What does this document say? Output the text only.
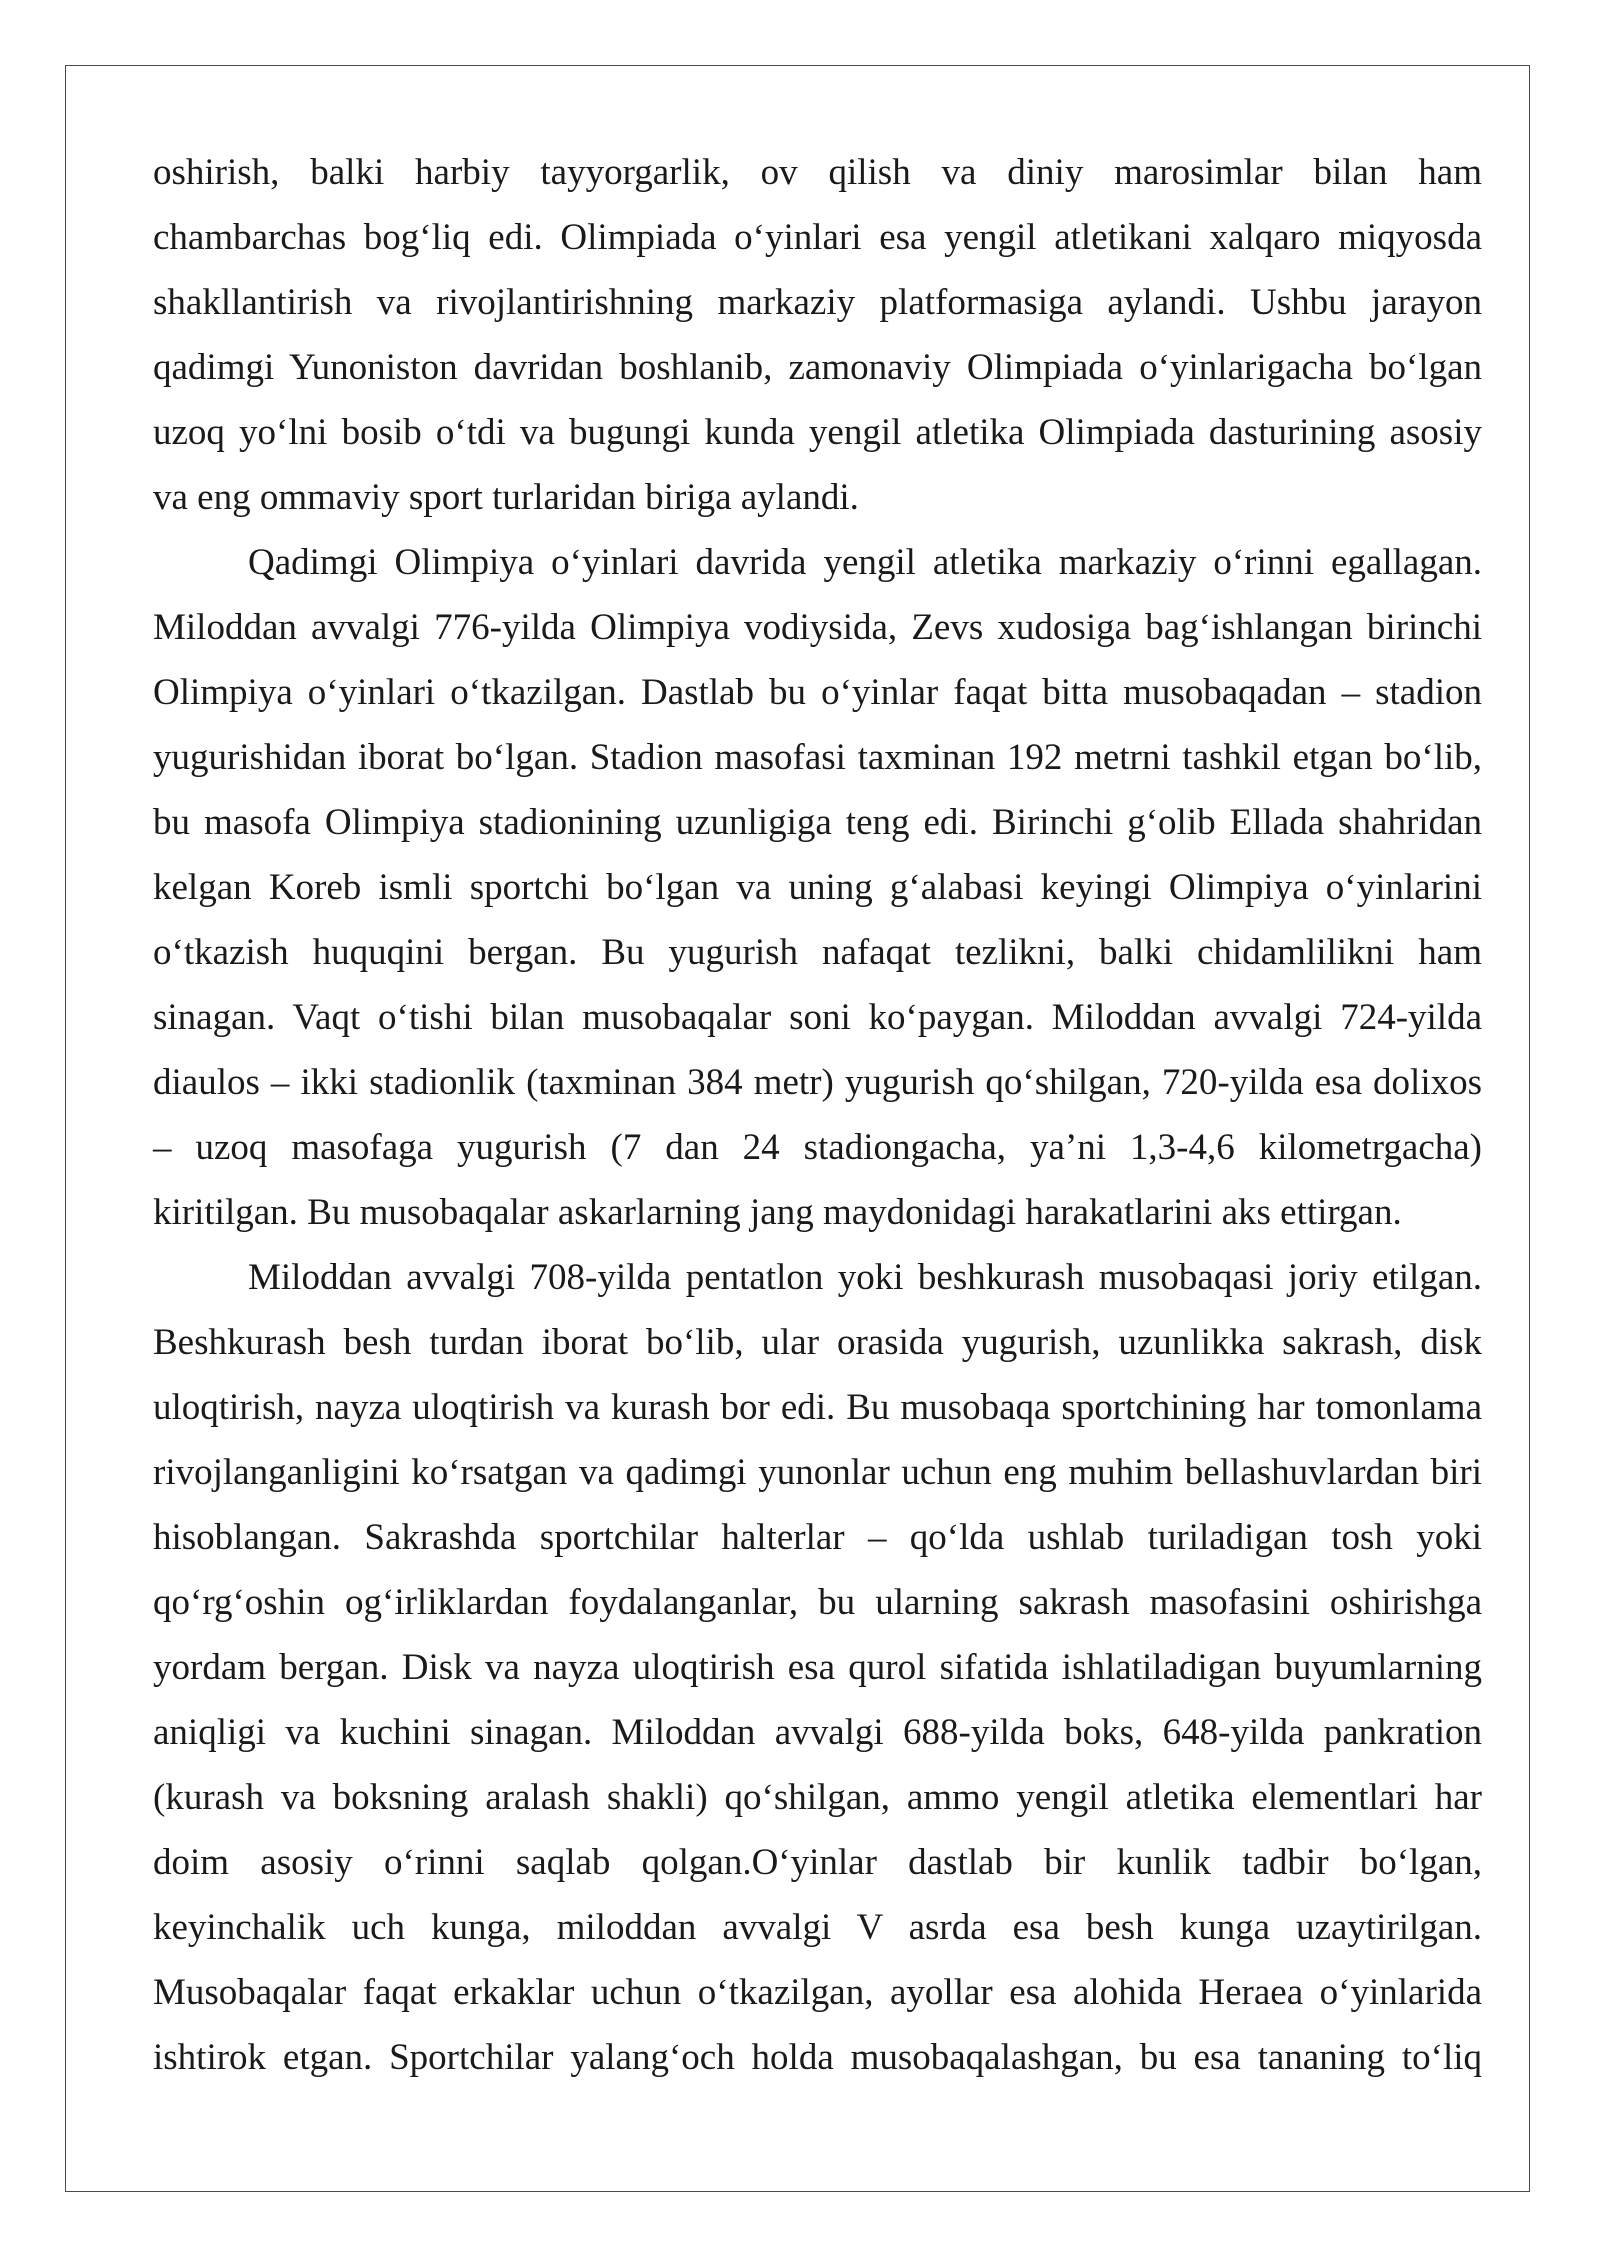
oshirish, balki harbiy tayyorgarlik, ov qilish va diniy marosimlar bilan ham
chambarchas bog‘liq edi. Olimpiada o‘yinlari esa yengil atletikani xalqaro miqyosda
shakllantirish va rivojlantirishning markaziy platformasiga aylandi. Ushbu jarayon
qadimgi Yunoniston davridan boshlanib, zamonaviy Olimpiada o‘yinlarigacha bo‘lgan
uzoq yo‘lni bosib o‘tdi va bugungi kunda yengil atletika Olimpiada dasturining asosiy
va eng ommaviy sport turlaridan biriga aylandi.
Qadimgi Olimpiya o‘yinlari davrida yengil atletika markaziy o‘rinni egallagan.
Miloddan avvalgi 776-yilda Olimpiya vodiysida, Zevs xudosiga bag‘ishlangan birinchi
Olimpiya o‘yinlari o‘tkazilgan. Dastlab bu o‘yinlar faqat bitta musobaqadan – stadion
yugurishidan iborat bo‘lgan. Stadion masofasi taxminan 192 metrni tashkil etgan bo‘lib,
bu masofa Olimpiya stadionining uzunligiga teng edi. Birinchi g‘olib Ellada shahridan
kelgan Koreb ismli sportchi bo‘lgan va uning g‘alabasi keyingi Olimpiya o‘yinlarini
o‘tkazish huquqini bergan. Bu yugurish nafaqat tezlikni, balki chidamlilikni ham
sinagan. Vaqt o‘tishi bilan musobaqalar soni ko‘paygan. Miloddan avvalgi 724-yilda
diaulos – ikki stadionlik (taxminan 384 metr) yugurish qo‘shilgan, 720-yilda esa dolixos
– uzoq masofaga yugurish (7 dan 24 stadiongacha, ya’ni 1,3-4,6 kilometrgacha)
kiritilgan. Bu musobaqalar askarlarning jang maydonidagi harakatlarini aks ettirgan.
Miloddan avvalgi 708-yilda pentatlon yoki beshkurash musobaqasi joriy etilgan.
Beshkurash besh turdan iborat bo‘lib, ular orasida yugurish, uzunlikka sakrash, disk
uloqtirish, nayza uloqtirish va kurash bor edi. Bu musobaqa sportchining har tomonlama
rivojlanganligini ko‘rsatgan va qadimgi yunonlar uchun eng muhim bellashuvlardan biri
hisoblangan. Sakrashda sportchilar halterlar – qo‘lda ushlab turiladigan tosh yoki
qo‘rg‘oshin og‘irliklardan foydalanganlar, bu ularning sakrash masofasini oshirishga
yordam bergan. Disk va nayza uloqtirish esa qurol sifatida ishlatiladigan buyumlarning
aniqligi va kuchini sinagan. Miloddan avvalgi 688-yilda boks, 648-yilda pankration
(kurash va boksning aralash shakli) qo‘shilgan, ammo yengil atletika elementlari har
doim asosiy o‘rinni saqlab qolgan.O‘yinlar dastlab bir kunlik tadbir bo‘lgan,
keyinchalik uch kunga, miloddan avvalgi V asrda esa besh kunga uzaytirilgan.
Musobaqalar faqat erkaklar uchun o‘tkazilgan, ayollar esa alohida Heraea o‘yinlarida
ishtirok etgan. Sportchilar yalang‘och holda musobaqalashgan, bu esa tananing to‘liq
